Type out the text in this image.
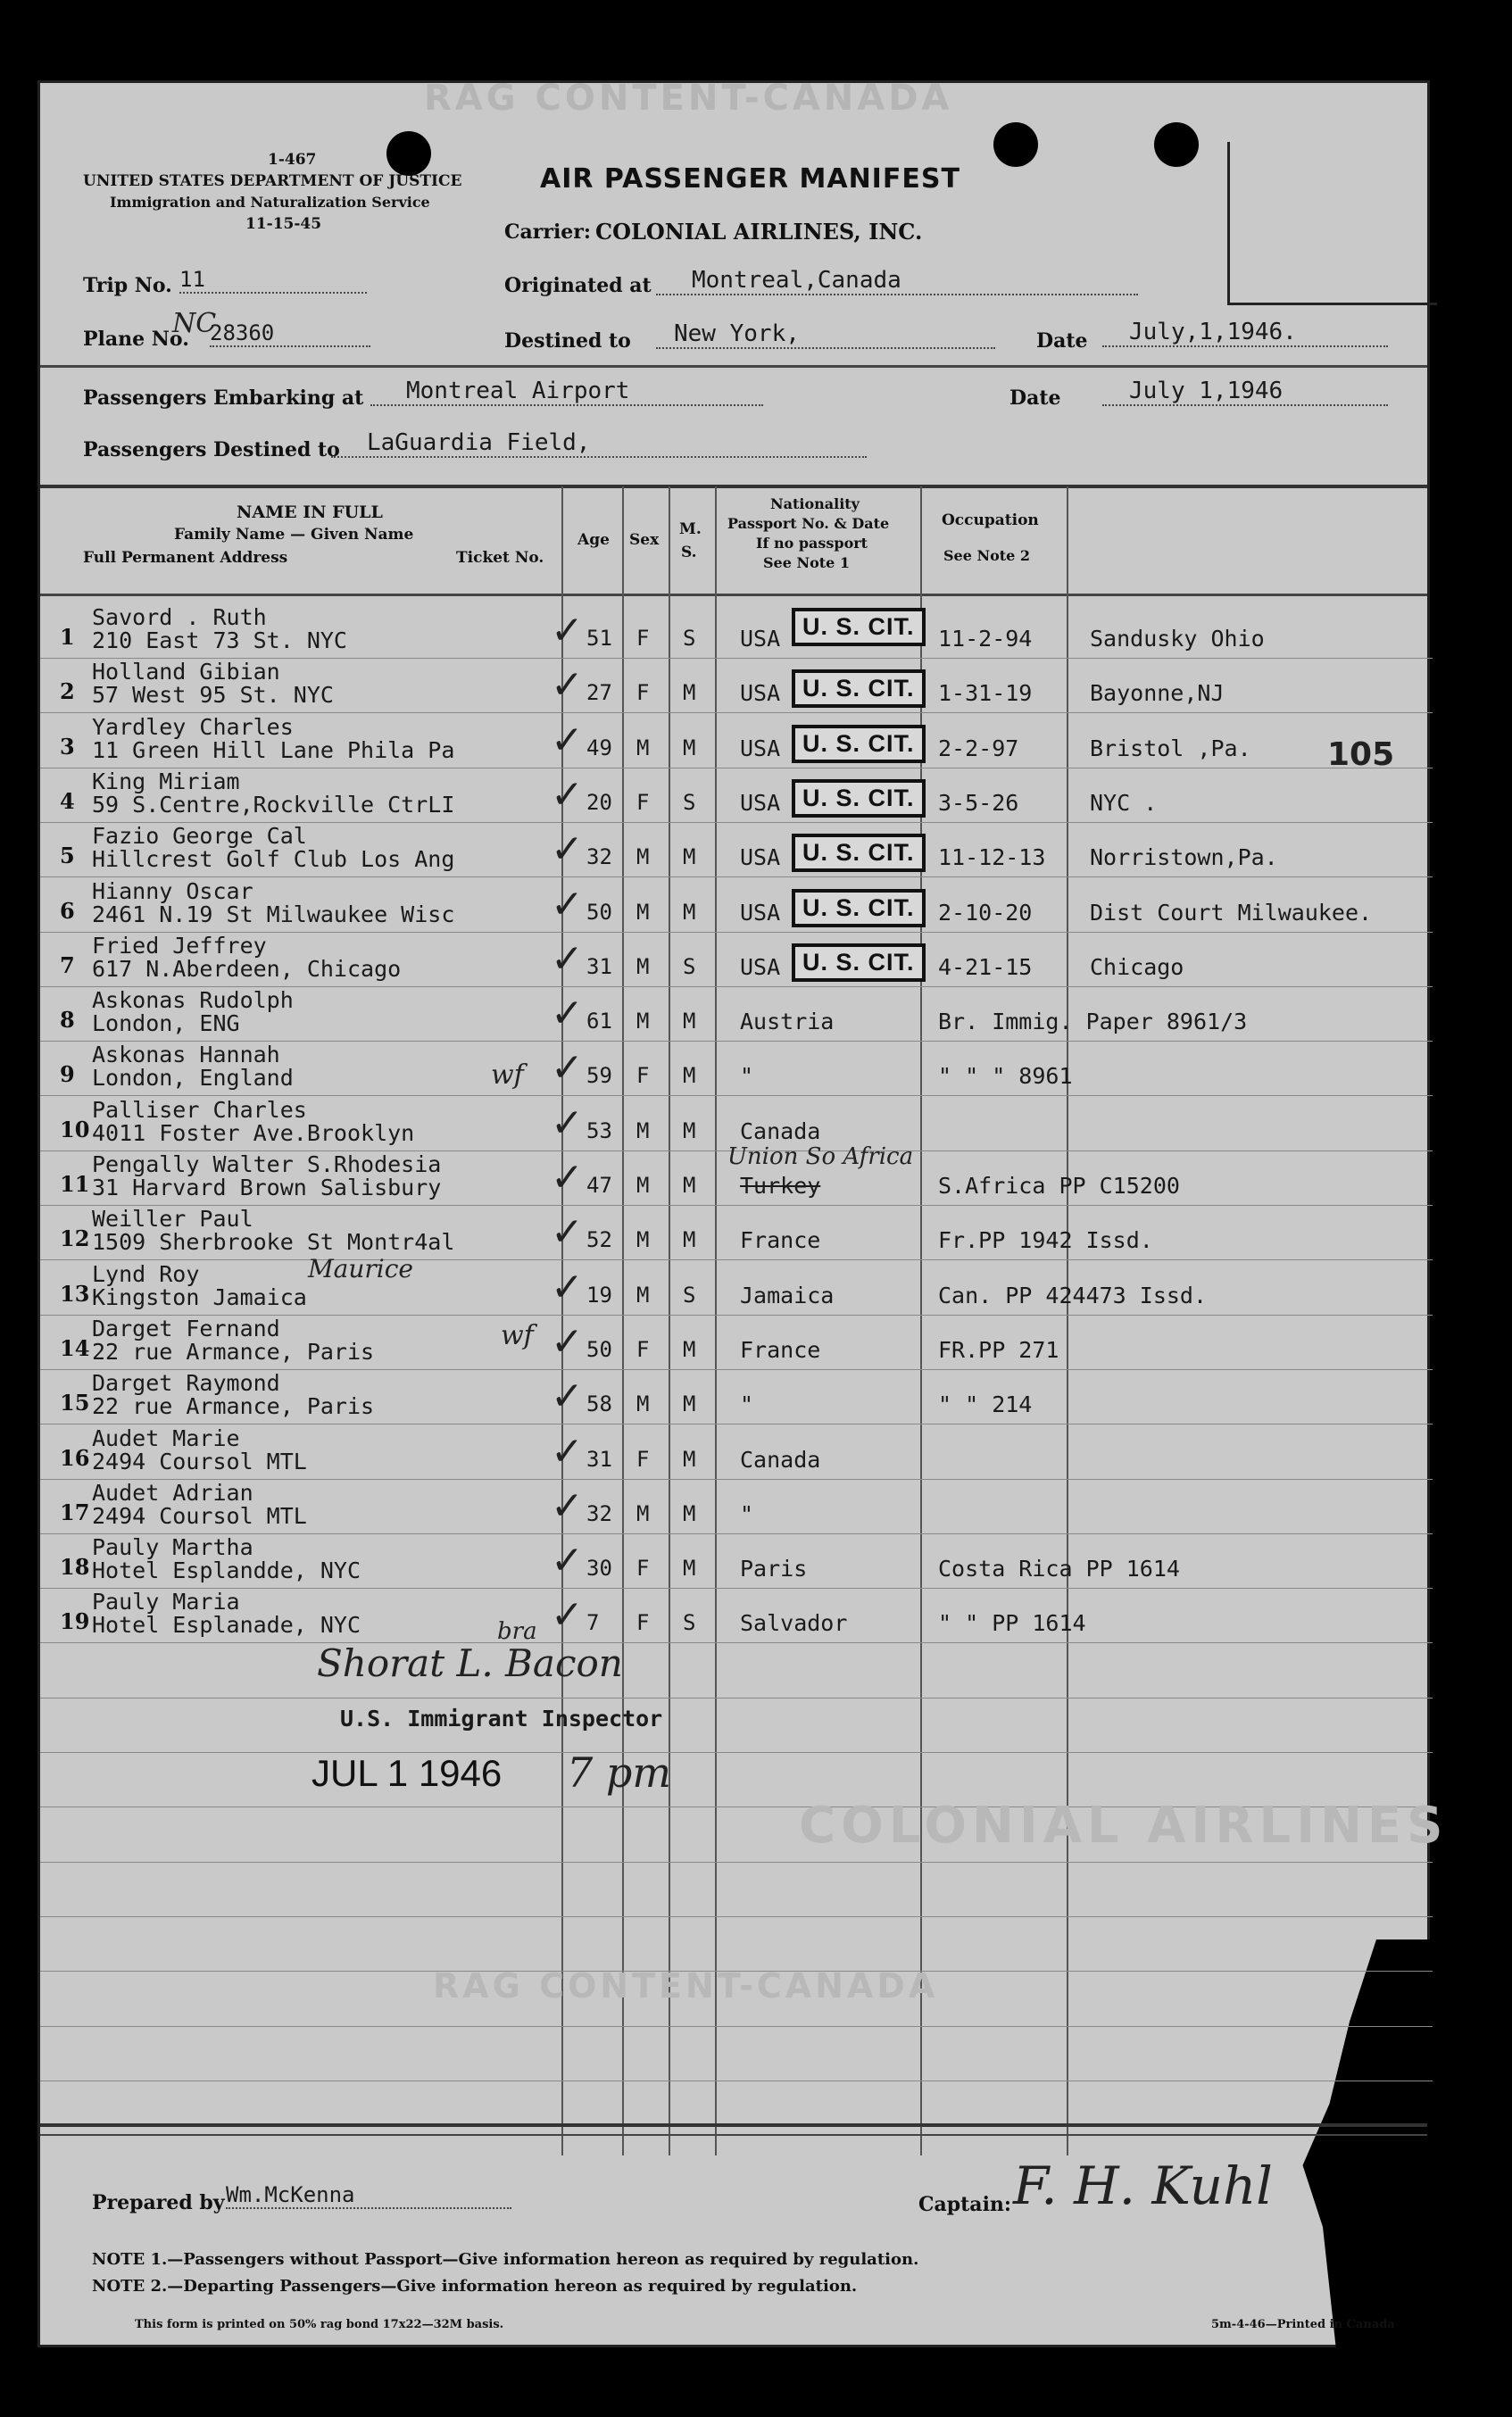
RAG CONTENT-CANADA
1-467
UNITED STATES DEPARTMENT OF JUSTICE
Immigration and Naturalization Service
11-15-45
AIR PASSENGER MANIFEST
Carrier: COLONIAL AIRLINES, INC.
Trip No. 11	Originated at	Montreal,Canada
Plane No.
NC
28360	Destined to	New York,	Date	July,1,1946.
Passengers Embarking at	Montreal Airport	Date	July 1,1946
Passengers Destined to	LaGuardia Field,
NAME IN FULL
Family Name — Given Name
Full Permanent Address	Ticket No.
Age Sex
M.
S.
Nationality
Passport No. & Date
If no passport
See Note 1
Occupation
See Note 2
1
Savord . Ruth
210 East 73 St. NYC	51 F S USA	11-2-94	Sandusky Ohio
U. S. CIT.
✓
2
Holland Gibian
57 West 95 St. NYC	27 F M USA	1-31-19	Bayonne,NJ
U. S. CIT.
✓
3
Yardley Charles
11 Green Hill Lane Phila Pa	49 M M USA	2-2-97	Bristol ,Pa.
U. S. CIT.
✓
4
King Miriam
59 S.Centre,Rockville CtrLI	20 F S USA	3-5-26	NYC .
U. S. CIT.
✓
5
Fazio George Cal
Hillcrest Golf Club Los Ang	32 M M USA	11-12-13 Norristown,Pa.
U. S. CIT.
✓
6
Hianny Oscar
2461 N.19 St Milwaukee Wisc	50 M M USA	2-10-20	Dist Court Milwaukee.
U. S. CIT.
✓
7
Fried Jeffrey
617 N.Aberdeen, Chicago	31 M S USA	4-21-15	Chicago
U. S. CIT.
✓
8
Askonas Rudolph
London, ENG	61 M M Austria	Br. Immig. Paper 8961/3
✓
9
Askonas Hannah
London, England	59 F M "	" " " 8961
✓
10
Palliser Charles
4011 Foster Ave.Brooklyn	53 M M Canada
✓
11
Pengally Walter S.Rhodesia
31 Harvard Brown Salisbury	47 M M Turkey	S.Africa PP C15200
✓
12
Weiller Paul
1509 Sherbrooke St Montr4al	52 M M France	Fr.PP 1942 Issd.
✓
13
Lynd Roy
Kingston Jamaica	19 M S Jamaica	Can. PP 424473 Issd.
✓
14
Darget Fernand
22 rue Armance, Paris	50 F M France	FR.PP 271
✓
15
Darget Raymond
22 rue Armance, Paris	58 M M "	" " 214
✓
16
Audet Marie
2494 Coursol MTL	31 F M Canada
✓
17
Audet Adrian
2494 Coursol MTL	32 M M "
✓
18
Pauly Martha
Hotel Esplandde, NYC	30 F M Paris	Costa Rica PP 1614
✓
19
Pauly Maria
Hotel Esplanade, NYC	7 F S Salvador	" " PP 1614
✓
105
Union So Africa
Maurice
wf
wf
bra
Shorat L. Bacon
U.S. Immigrant Inspector
JUL 1 1946 7 pm
COLONIAL AIRLINES
RAG CONTENT-CANADA
Prepared by Wm.McKenna	Captain: F. H. Kuhl
NOTE 1.—Passengers without Passport—Give information hereon as required by regulation.
NOTE 2.—Departing Passengers—Give information hereon as required by regulation.
This form is printed on 50% rag bond 17x22—32M basis.	5m-4-46—Printed in Canada
